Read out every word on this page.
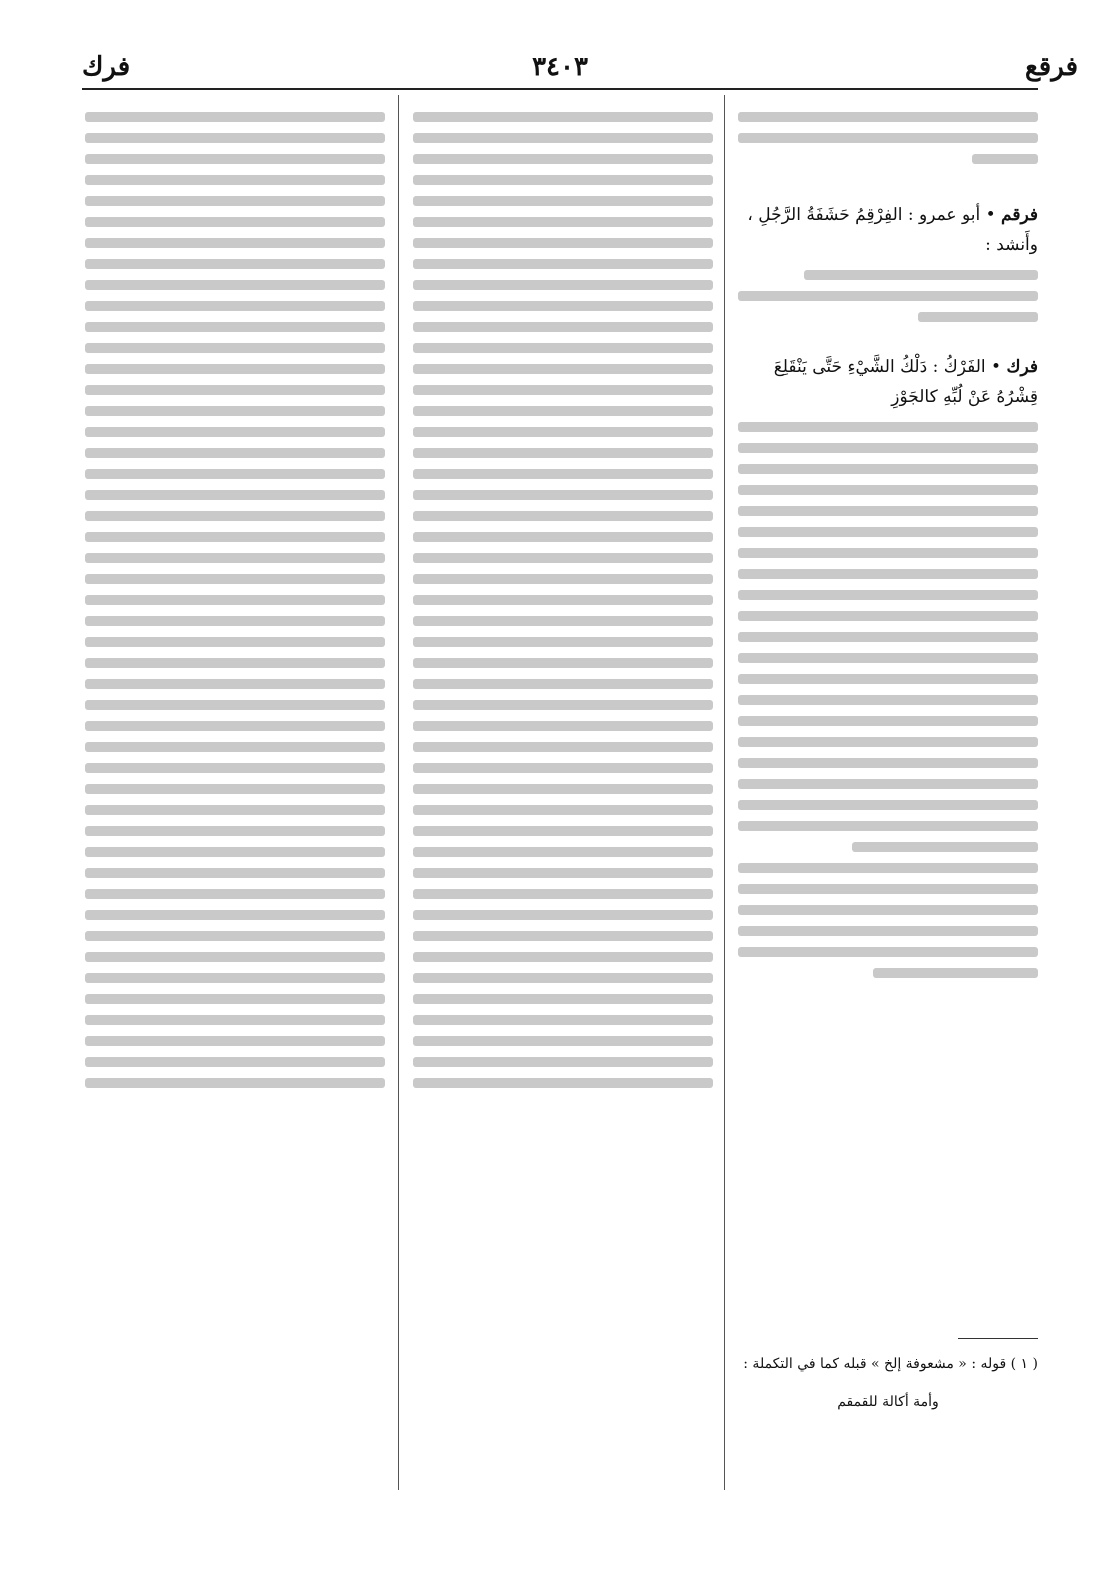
فرقع
٣٤٠٣
فرك

فرقم • أبو عمرو : الفِرْقِمُ حَشَفَةُ الرَّجُلِ ، وأَنشد :

فرك • الفَرْكُ : دَلْكُ الشَّيْءِ حَتَّى يَنْقَلِعَ قِشْرُهُ عَنْ لُبِّهِ كالجَوْزِ

( ١ ) قوله : « مشعوفة إلخ » قبله كما في التكملة :
وأمة أكالة للقمقم
